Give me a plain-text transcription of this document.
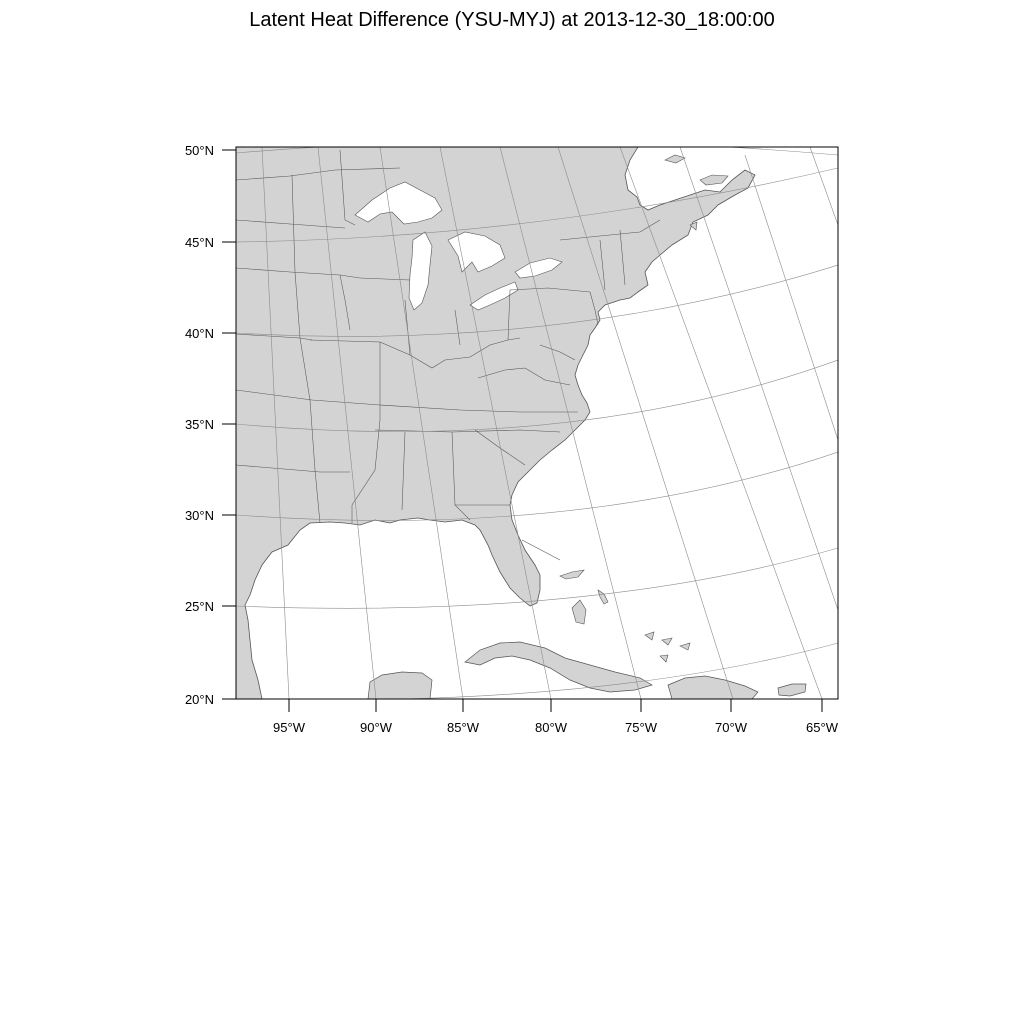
Latent Heat Difference (YSU-MYJ) at 2013-12-30_18:00:00
50°N
45°N
40°N
35°N
30°N
25°N
20°N
95°W	90°W	85°W	80°W	75°W	70°W	65°W
